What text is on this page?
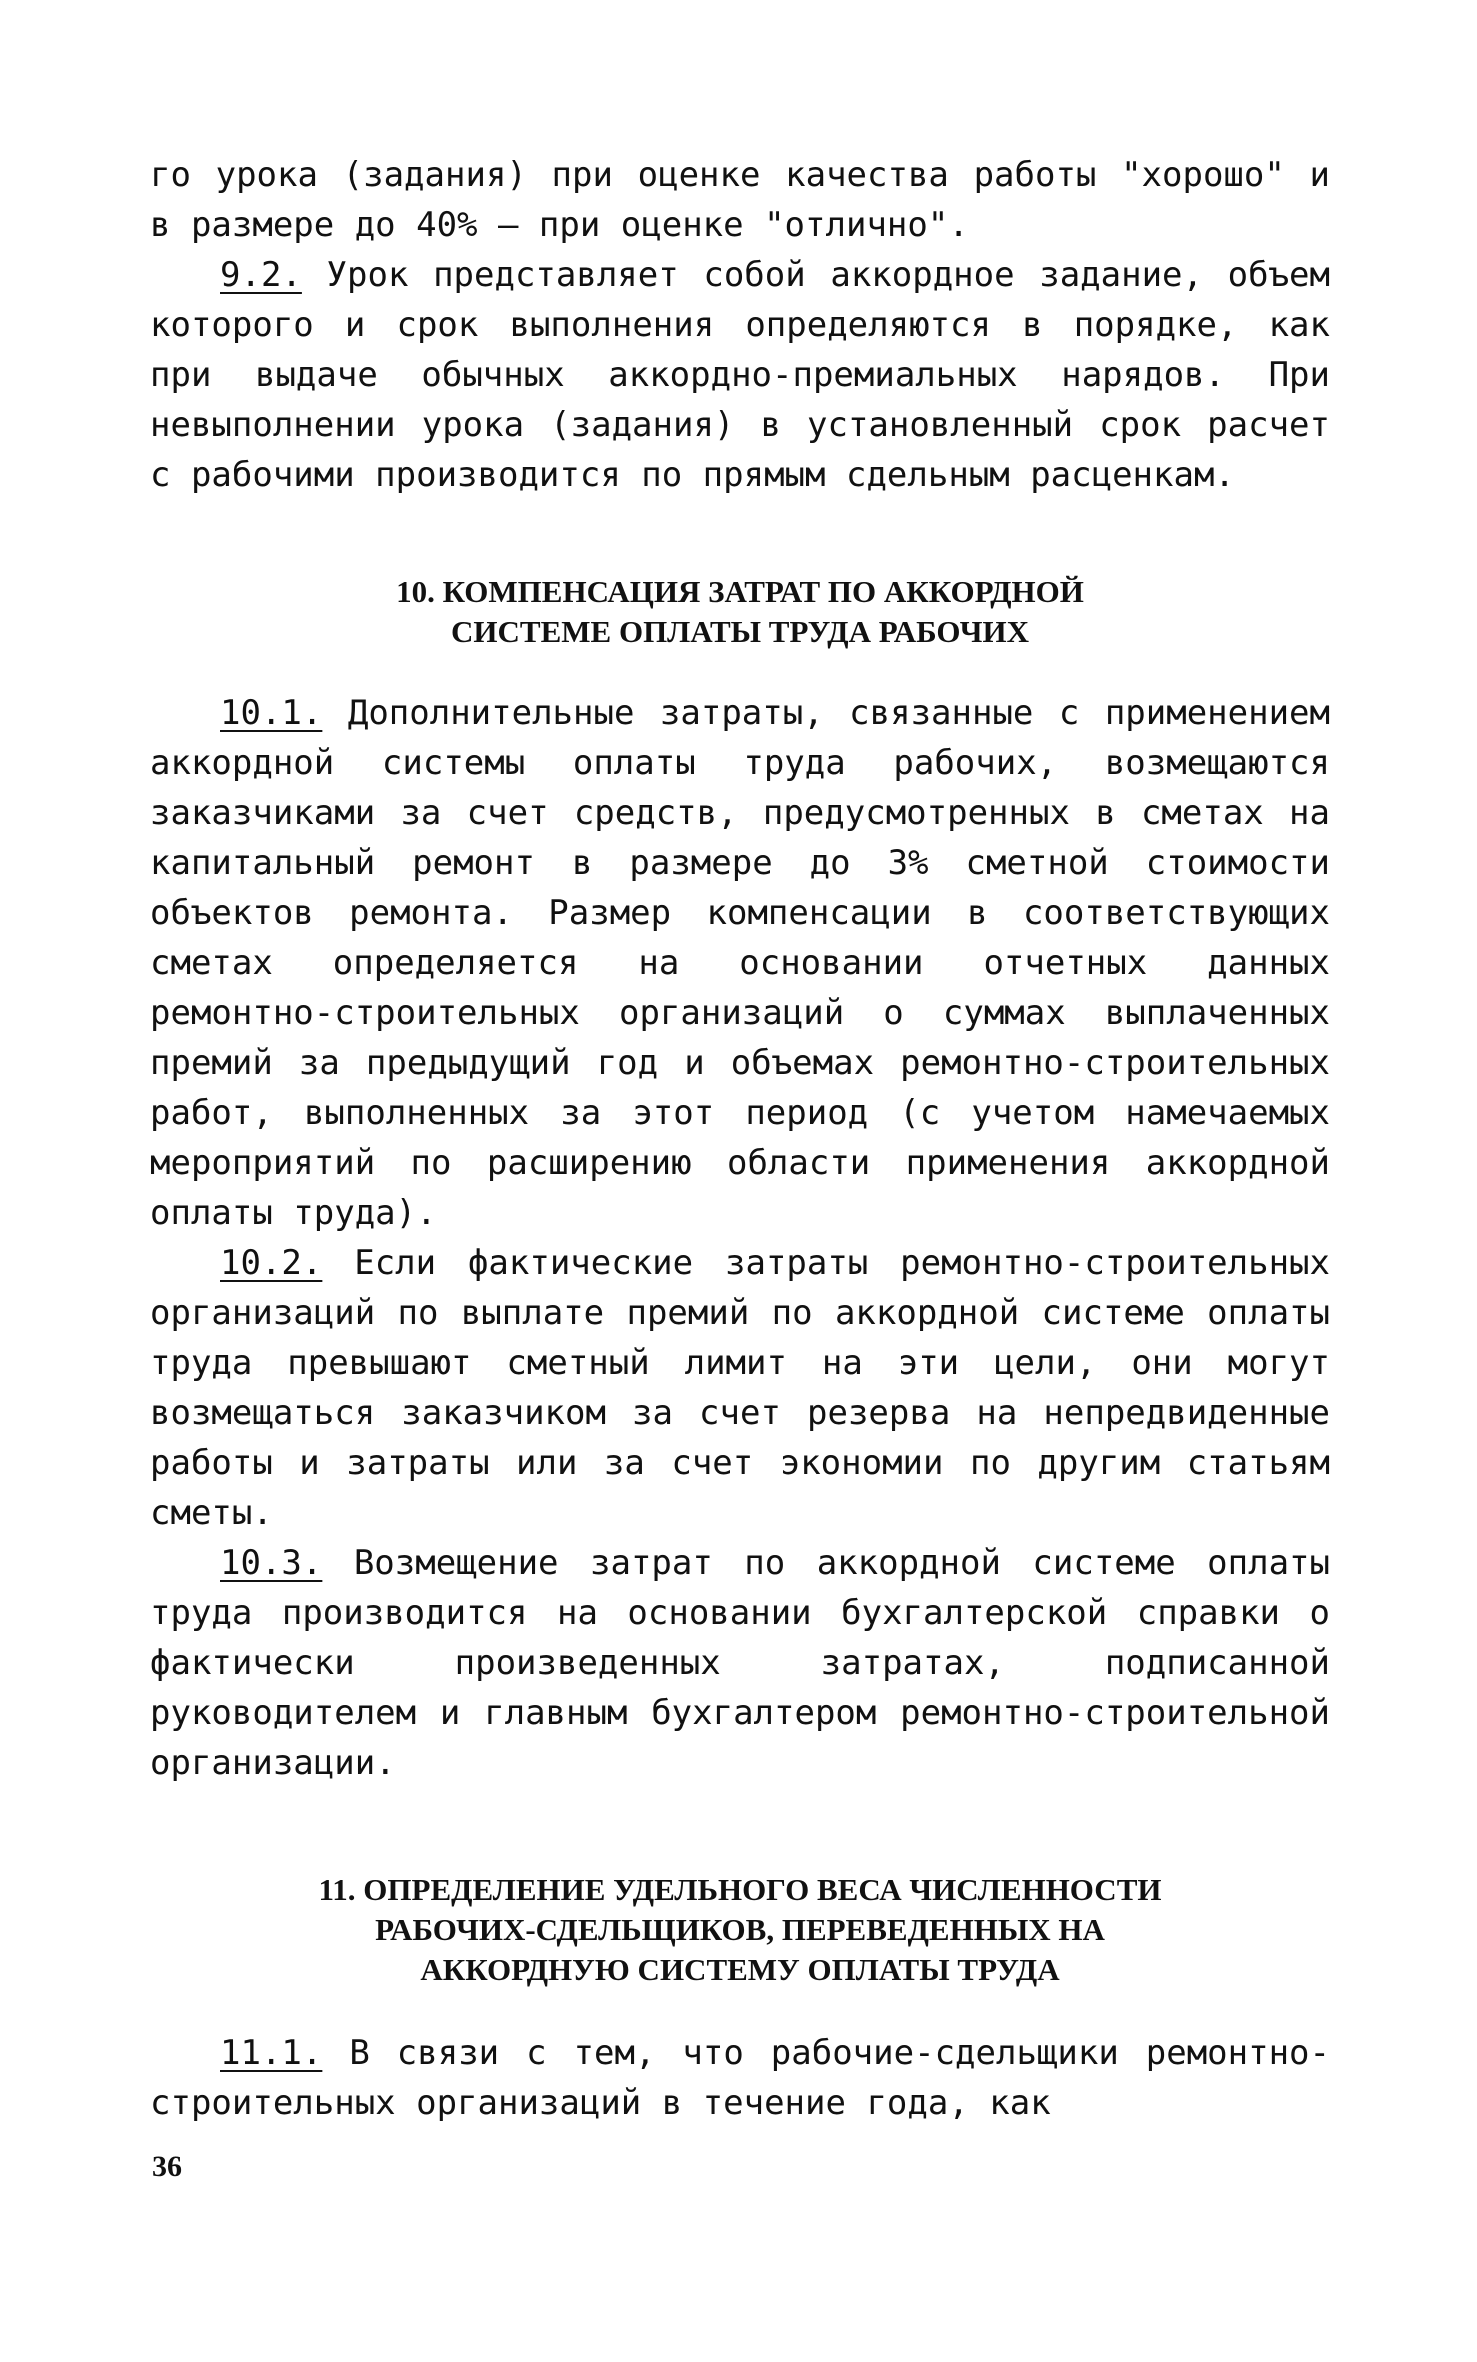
го урока (задания) при оценке качества работы "хорошо" и в размере до 40% – при оценке "отлично".

9.2. Урок представляет собой аккордное задание, объем которого и срок выполнения определяются в порядке, как при выдаче обычных аккордно-премиальных нарядов. При невыполнении урока (задания) в установленный срок расчет с рабочими производится по прямым сдельным расценкам.

10. КОМПЕНСАЦИЯ ЗАТРАТ ПО АККОРДНОЙ
СИСТЕМЕ ОПЛАТЫ ТРУДА РАБОЧИХ

10.1. Дополнительные затраты, связанные с применением аккордной системы оплаты труда рабочих, возмещаются заказчиками за счет средств, предусмотренных в сметах на капитальный ремонт в размере до 3% сметной стоимости объектов ремонта. Размер компенсации в соответствующих сметах определяется на основании отчетных данных ремонтно-строительных организаций о суммах выплаченных премий за предыдущий год и объемах ремонтно-строительных работ, выполненных за этот период (с учетом намечаемых мероприятий по расширению области применения аккордной оплаты труда).

10.2. Если фактические затраты ремонтно-строительных организаций по выплате премий по аккордной системе оплаты труда превышают сметный лимит на эти цели, они могут возмещаться заказчиком за счет резерва на непредвиденные работы и затраты или за счет экономии по другим статьям сметы.

10.3. Возмещение затрат по аккордной системе оплаты труда производится на основании бухгалтерской справки о фактически произведенных затратах, подписанной руководителем и главным бухгалтером ремонтно-строительной организации.

11. ОПРЕДЕЛЕНИЕ УДЕЛЬНОГО ВЕСА ЧИСЛЕННОСТИ
РАБОЧИХ-СДЕЛЬЩИКОВ, ПЕРЕВЕДЕННЫХ НА
АККОРДНУЮ СИСТЕМУ ОПЛАТЫ ТРУДА

11.1. В связи с тем, что рабочие-сдельщики ремонтно-строительных организаций в течение года, как

36
